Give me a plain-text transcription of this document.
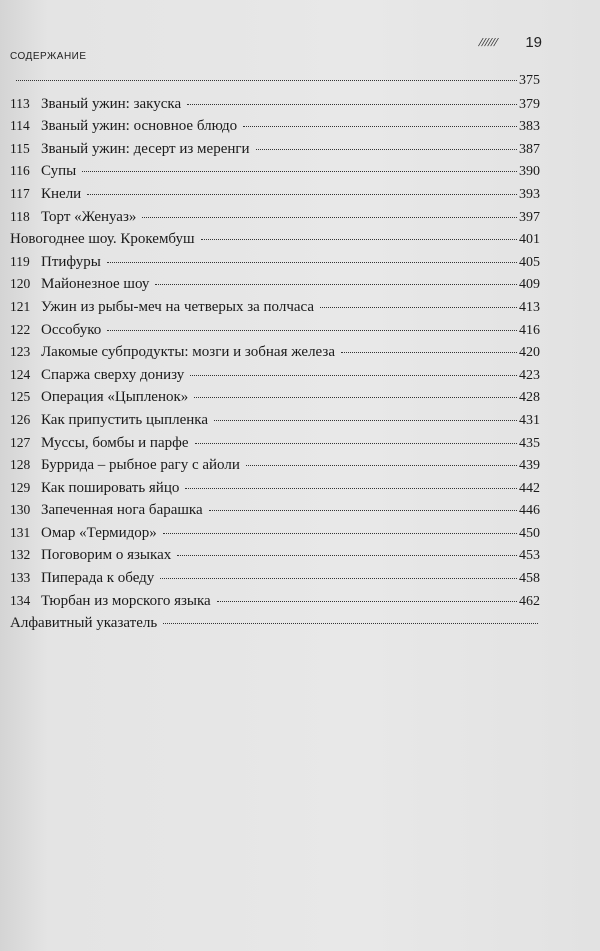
////// 19
СОДЕРЖАНИЕ
375
113 Званый ужин: закуска	379
114 Званый ужин: основное блюдо	383
115 Званый ужин: десерт из меренги	387
116 Супы	390
117 Кнели	393
118 Торт «Женуаз»	397
Новогоднее шоу. Крокембуш	401
119 Птифуры	405
120 Майонезное шоу	409
121 Ужин из рыбы-меч на четверых за полчаса	413
122 Оссобуко	416
123 Лакомые субпродукты: мозги и зобная железа	420
124 Спаржа сверху донизу	423
125 Операция «Цыпленок»	428
126 Как припустить цыпленка	431
127 Муссы, бомбы и парфе	435
128 Буррида – рыбное рагу с айоли	439
129 Как пошировать яйцо	442
130 Запеченная нога барашка	446
131 Омар «Термидор»	450
132 Поговорим о языках	453
133 Пиперада к обеду	458
134 Тюрбан из морского языка	462
Алфавитный указатель
